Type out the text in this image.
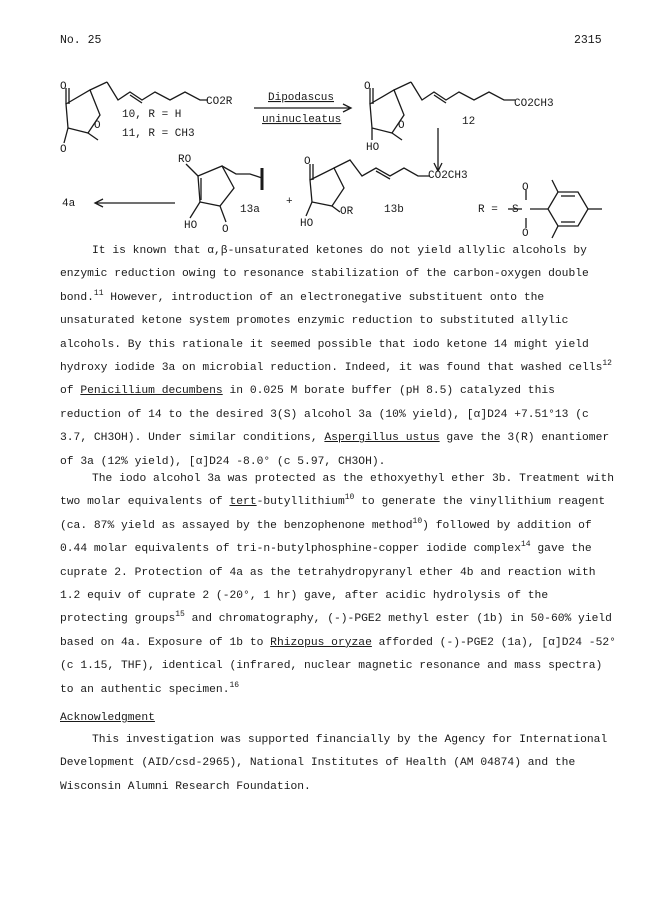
No. 25	2315
O
O
O
CO2R
10, R = H
11, R = CH3
Dipodascus
uninucleatus
O
O
HO
CO2CH3
12
4a
RO
HO O
13a
+
O
HO
OR
CO2CH3
13b	R = S
O
O

It is known that α,β-unsaturated ketones do not yield allylic alcohols by enzymic reduction owing to resonance stabilization of the carbon-oxygen double bond.$^{11}$ However, introduction of an electronegative substituent onto the unsaturated ketone system promotes enzymic reduction to substituted allylic alcohols. By this rationale it seemed possible that iodo ketone 14 might yield hydroxy iodide 3a on microbial reduction. Indeed, it was found that washed cells$^{12}$ of Penicillium decumbens in 0.025 M borate buffer (pH 8.5) catalyzed this reduction of 14 to the desired 3(S) alcohol 3a (10% yield), [α]D24 +7.51°13 (c 3.7, CH3OH). Under similar conditions, Aspergillus ustus gave the 3(R) enantiomer of 3a (12% yield), [α]D24 -8.0° (c 5.97, CH3OH).

The iodo alcohol 3a was protected as the ethoxyethyl ether 3b. Treatment with two molar equivalents of tert-butyllithium$^{10}$ to generate the vinyllithium reagent (ca. 87% yield as assayed by the benzophenone method$^{10}$) followed by addition of 0.44 molar equivalents of tri-n-butylphosphine-copper iodide complex$^{14}$ gave the cuprate 2. Protection of 4a as the tetrahydropyranyl ether 4b and reaction with 1.2 equiv of cuprate 2 (-20°, 1 hr) gave, after acidic hydrolysis of the protecting groups$^{15}$ and chromatography, (-)-PGE2 methyl ester (1b) in 50-60% yield based on 4a. Exposure of 1b to Rhizopus oryzae afforded (-)-PGE2 (1a), [α]D24 -52° (c 1.15, THF), identical (infrared, nuclear magnetic resonance and mass spectra) to an authentic specimen.$^{16}$

Acknowledgment

This investigation was supported financially by the Agency for International Development (AID/csd-2965), National Institutes of Health (AM 04874) and the Wisconsin Alumni Research Foundation.
